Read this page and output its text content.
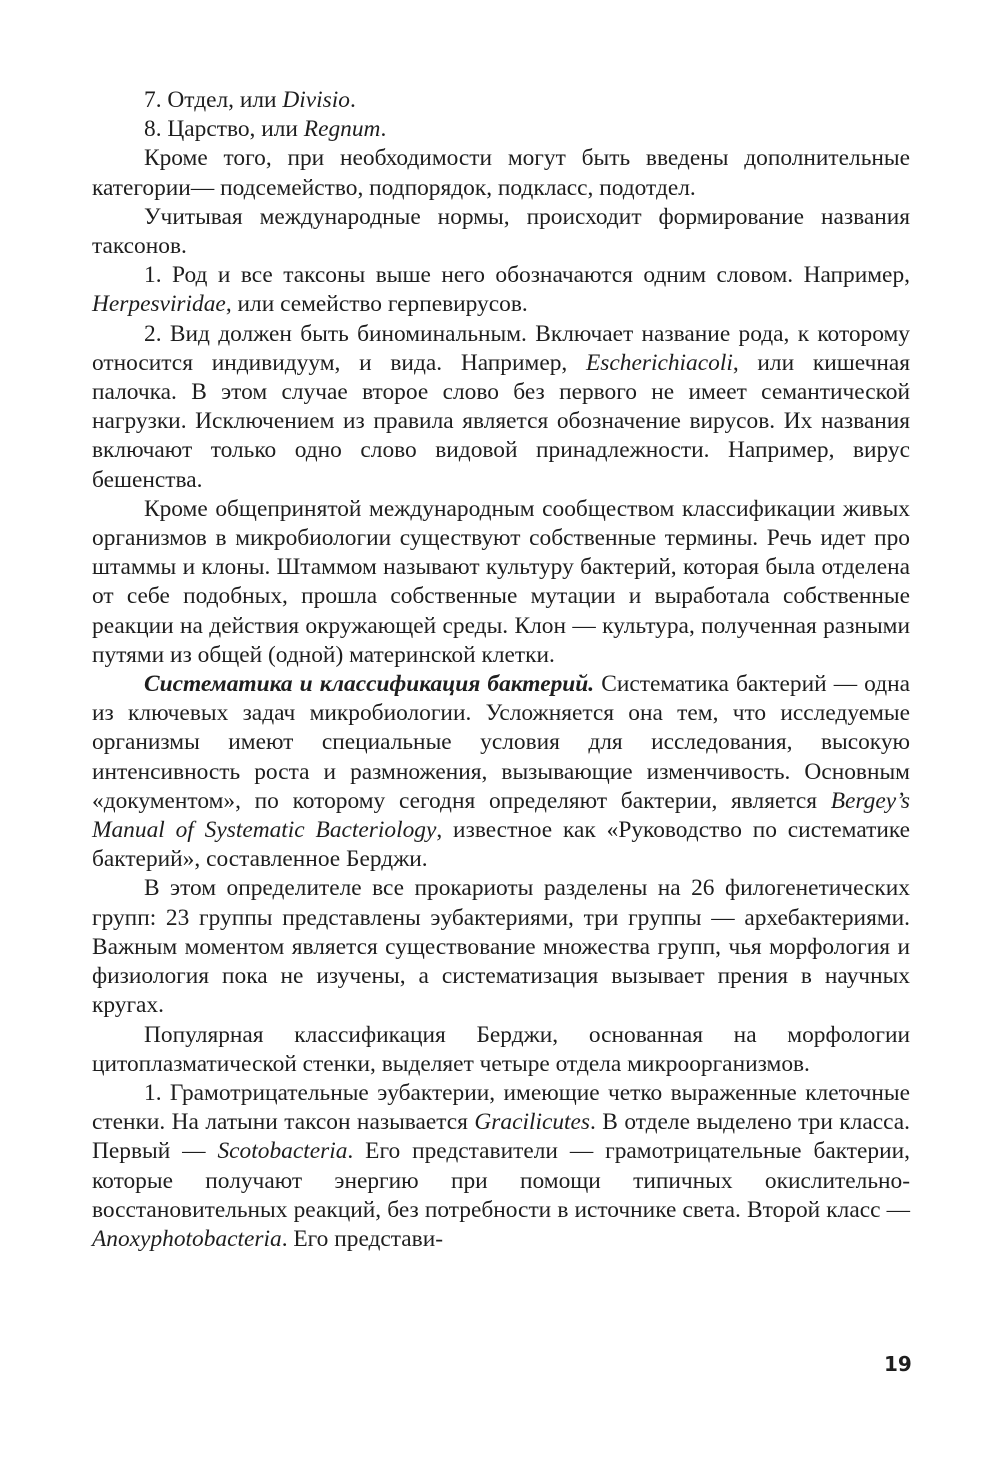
7. Отдел, или Divisio.

8. Царство, или Regnum.

Кроме того, при необходимости могут быть введены дополнительные категории— подсемейство, подпорядок, подкласс, подотдел.

Учитывая международные нормы, происходит формирование названия таксонов.

1. Род и все таксоны выше него обозначаются одним словом. Например, Herpesviridae, или семейство герпевирусов.

2. Вид должен быть биноминальным. Включает название рода, к которому относится индивидуум, и вида. Например, Escherichiacoli, или кишечная палочка. В этом случае второе слово без первого не имеет семантической нагрузки. Исключением из правила является обозначение вирусов. Их названия включают только одно слово видовой принадлежности. Например, вирус бешенства.

Кроме общепринятой международным сообществом классификации живых организмов в микробиологии существуют собственные термины. Речь идет про штаммы и клоны. Штаммом называют культуру бактерий, которая была отделена от себе подобных, прошла собственные мутации и выработала собственные реакции на действия окружающей среды. Клон — культура, полученная разными путями из общей (одной) материнской клетки.

Систематика и классификация бактерий. Систематика бактерий — одна из ключевых задач микробиологии. Усложняется она тем, что исследуемые организмы имеют специальные условия для исследования, высокую интенсивность роста и размножения, вызывающие изменчивость. Основным «документом», по которому сегодня определяют бактерии, является Bergey’s Manual of Systematic Bacteriology, известное как «Руководство по систематике бактерий», составленное Берджи.

В этом определителе все прокариоты разделены на 26 филогенетических групп: 23 группы представлены эубактериями, три группы — архебактериями. Важным моментом является существование множества групп, чья морфология и физиология пока не изучены, а систематизация вызывает прения в научных кругах.

Популярная классификация Берджи, основанная на морфологии цитоплазматической стенки, выделяет четыре отдела микроорганизмов.

1. Грамотрицательные эубактерии, имеющие четко выраженные клеточные стенки. На латыни таксон называется Gracilicutes. В отделе выделено три класса. Первый — Scotobacteria. Его представители — грамотрицательные бактерии, которые получают энергию при помощи типичных окислительно-восстановительных реакций, без потребности в источнике света. Второй класс — Anoxyphotobacteria. Его представи-

19
